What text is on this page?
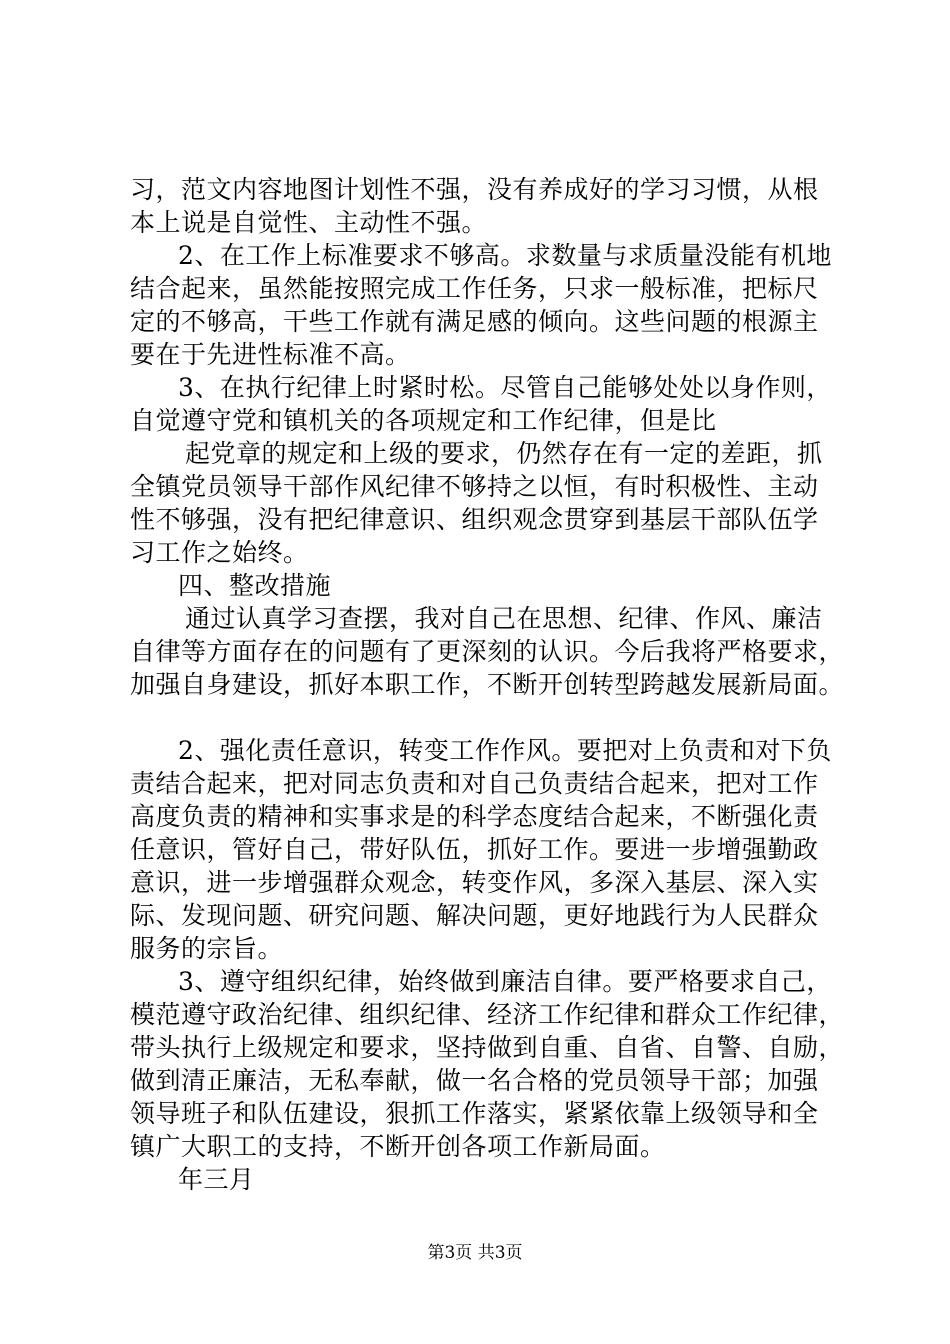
习，范文内容地图计划性不强，没有养成好的学习习惯，从根
本上说是自觉性、主动性不强。
2、在工作上标准要求不够高。求数量与求质量没能有机地
结合起来，虽然能按照完成工作任务，只求一般标准，把标尺
定的不够高，干些工作就有满足感的倾向。这些问题的根源主
要在于先进性标准不高。
3、在执行纪律上时紧时松。尽管自己能够处处以身作则，
自觉遵守党和镇机关的各项规定和工作纪律，但是比
起党章的规定和上级的要求，仍然存在有一定的差距，抓
全镇党员领导干部作风纪律不够持之以恒，有时积极性、主动
性不够强，没有把纪律意识、组织观念贯穿到基层干部队伍学
习工作之始终。
四、整改措施
通过认真学习查摆，我对自己在思想、纪律、作风、廉洁
自律等方面存在的问题有了更深刻的认识。今后我将严格要求，
加强自身建设，抓好本职工作，不断开创转型跨越发展新局面。
2、强化责任意识，转变工作作风。要把对上负责和对下负
责结合起来，把对同志负责和对自己负责结合起来，把对工作
高度负责的精神和实事求是的科学态度结合起来，不断强化责
任意识，管好自己，带好队伍，抓好工作。要进一步增强勤政
意识，进一步增强群众观念，转变作风，多深入基层、深入实
际、发现问题、研究问题、解决问题，更好地践行为人民群众
服务的宗旨。
3、遵守组织纪律，始终做到廉洁自律。要严格要求自己，
模范遵守政治纪律、组织纪律、经济工作纪律和群众工作纪律，
带头执行上级规定和要求，坚持做到自重、自省、自警、自励，
做到清正廉洁，无私奉献，做一名合格的党员领导干部；加强
领导班子和队伍建设，狠抓工作落实，紧紧依靠上级领导和全
镇广大职工的支持，不断开创各项工作新局面。
年三月
第3页 共3页
